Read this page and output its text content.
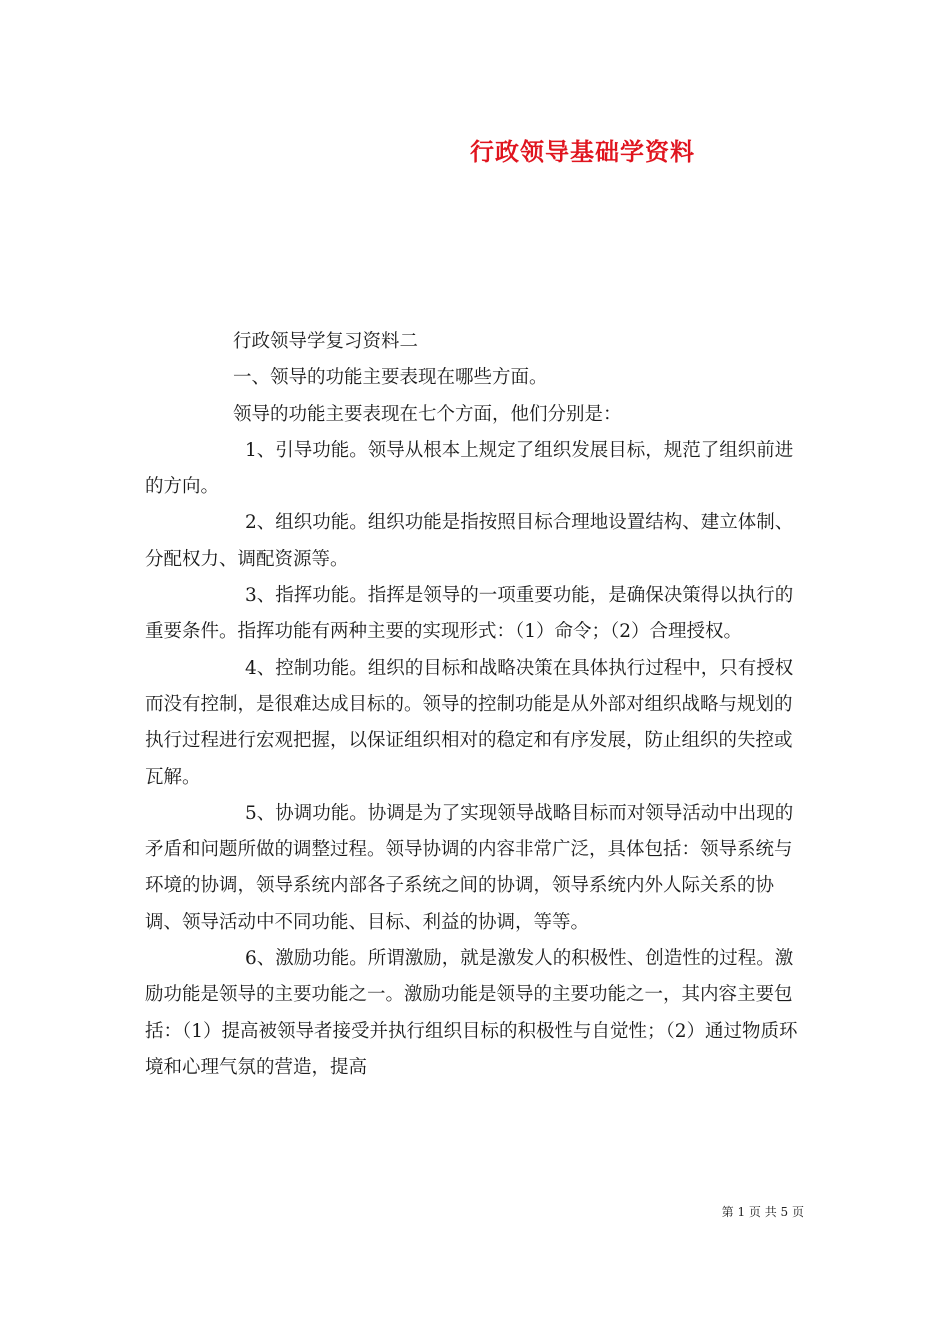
行政领导基础学资料

行政领导学复习资料二

一、领导的功能主要表现在哪些方面。

领导的功能主要表现在七个方面，他们分别是：

1、引导功能。领导从根本上规定了组织发展目标，规范了组织前进的方向。

2、组织功能。组织功能是指按照目标合理地设置结构、建立体制、分配权力、调配资源等。

3、指挥功能。指挥是领导的一项重要功能，是确保决策得以执行的重要条件。指挥功能有两种主要的实现形式：（1）命令；（2）合理授权。

4、控制功能。组织的目标和战略决策在具体执行过程中，只有授权而没有控制，是很难达成目标的。领导的控制功能是从外部对组织战略与规划的执行过程进行宏观把握，以保证组织相对的稳定和有序发展，防止组织的失控或瓦解。

5、协调功能。协调是为了实现领导战略目标而对领导活动中出现的矛盾和问题所做的调整过程。领导协调的内容非常广泛，具体包括：领导系统与环境的协调，领导系统内部各子系统之间的协调，领导系统内外人际关系的协调、领导活动中不同功能、目标、利益的协调，等等。

6、激励功能。所谓激励，就是激发人的积极性、创造性的过程。激励功能是领导的主要功能之一。激励功能是领导的主要功能之一，其内容主要包括：（1）提高被领导者接受并执行组织目标的积极性与自觉性；（2）通过物质环境和心理气氛的营造，提高

第 1 页 共 5 页
